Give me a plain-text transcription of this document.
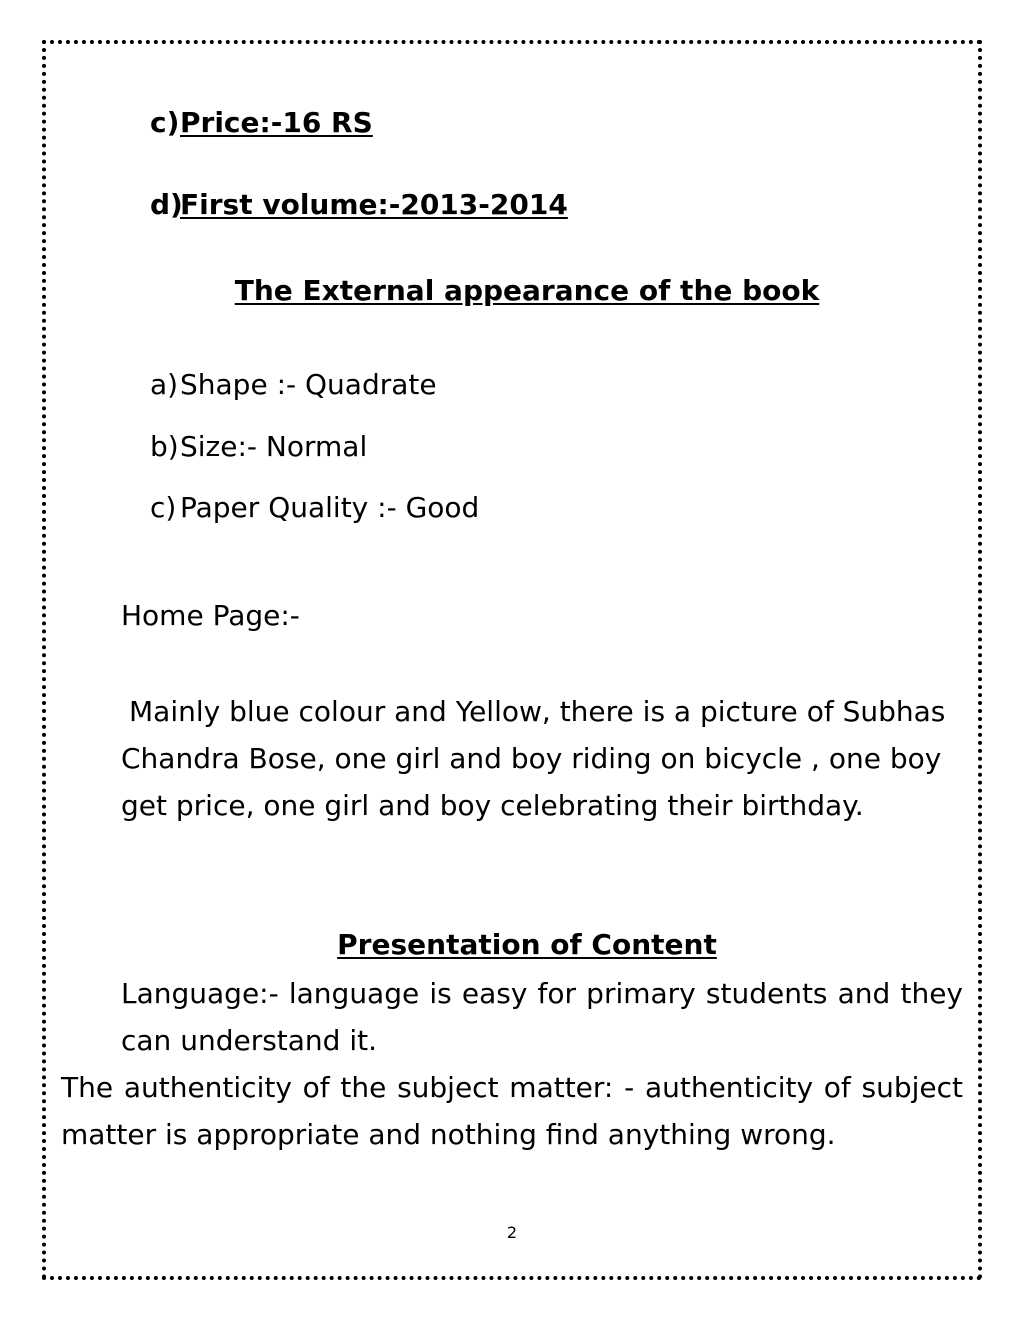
c)Price:-16 RS
d)First volume:-2013-2014
The External appearance of the book
a)Shape :- Quadrate
b)Size:- Normal
c) Paper Quality :- Good
Home Page:-
Mainly blue colour and Yellow, there is a picture of Subhas Chandra Bose, one girl and boy riding on bicycle , one boy get price, one girl and boy celebrating their birthday.
Presentation of Content
Language:- language is easy for primary students and they can understand it.
The authenticity of the subject matter: - authenticity of subject matter is appropriate and nothing find anything wrong.
2
